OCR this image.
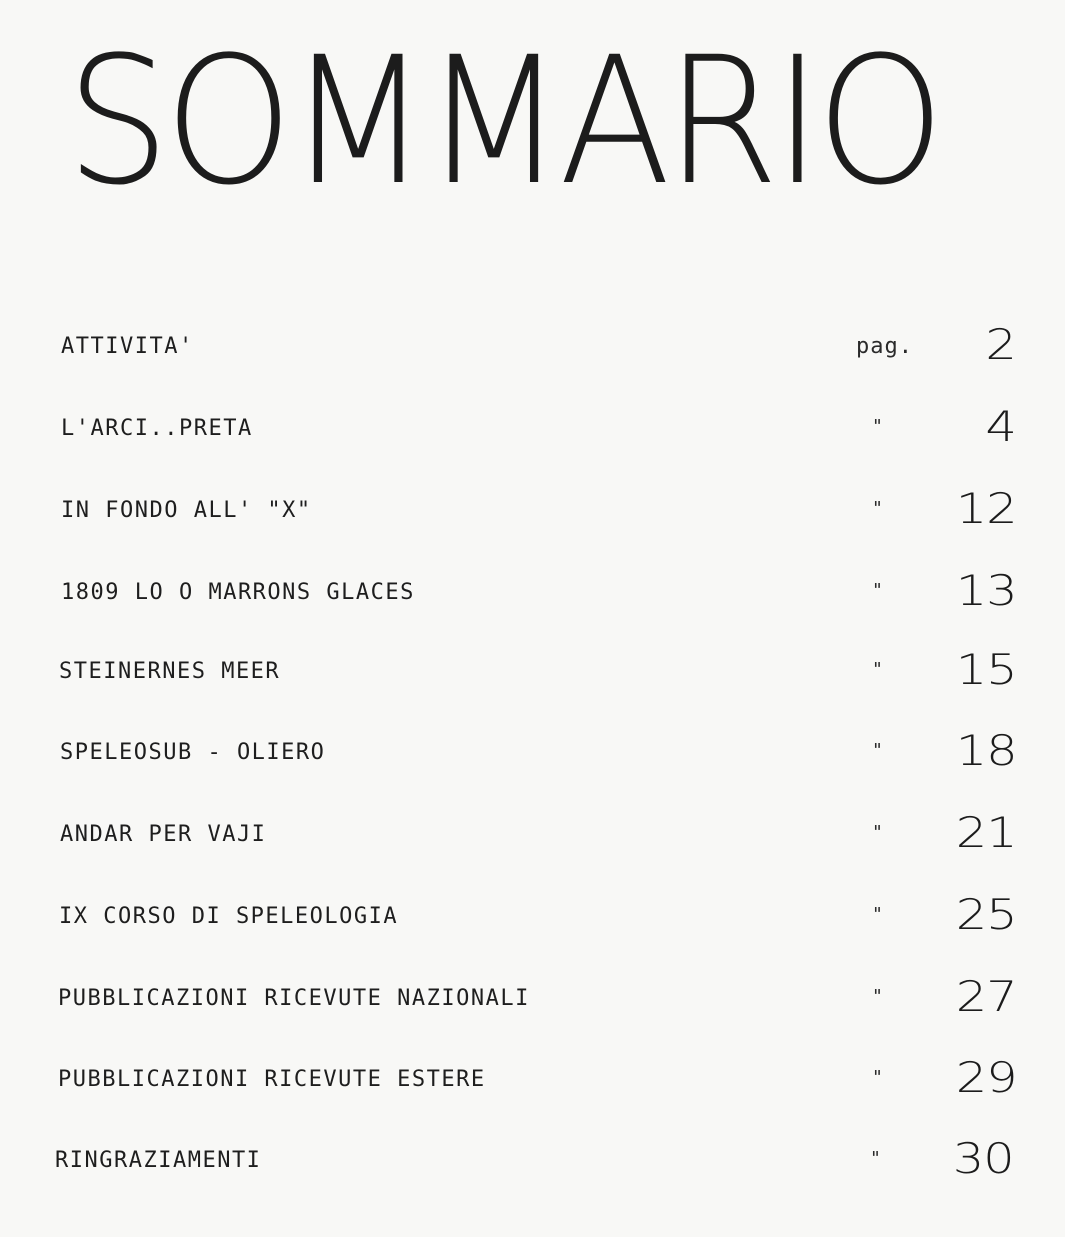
SOMMARIO
ATTIVITA'	pag. 2
L'ARCI..PRETA	" 4
IN FONDO ALL' "X"	" 12
1809 LO O MARRONS GLACES	" 13
STEINERNES MEER	" 15
SPELEOSUB - OLIERO	" 18
ANDAR PER VAJI	" 21
IX CORSO DI SPELEOLOGIA	" 25
PUBBLICAZIONI RICEVUTE NAZIONALI	" 27
PUBBLICAZIONI RICEVUTE ESTERE	" 29
RINGRAZIAMENTI	" 30
